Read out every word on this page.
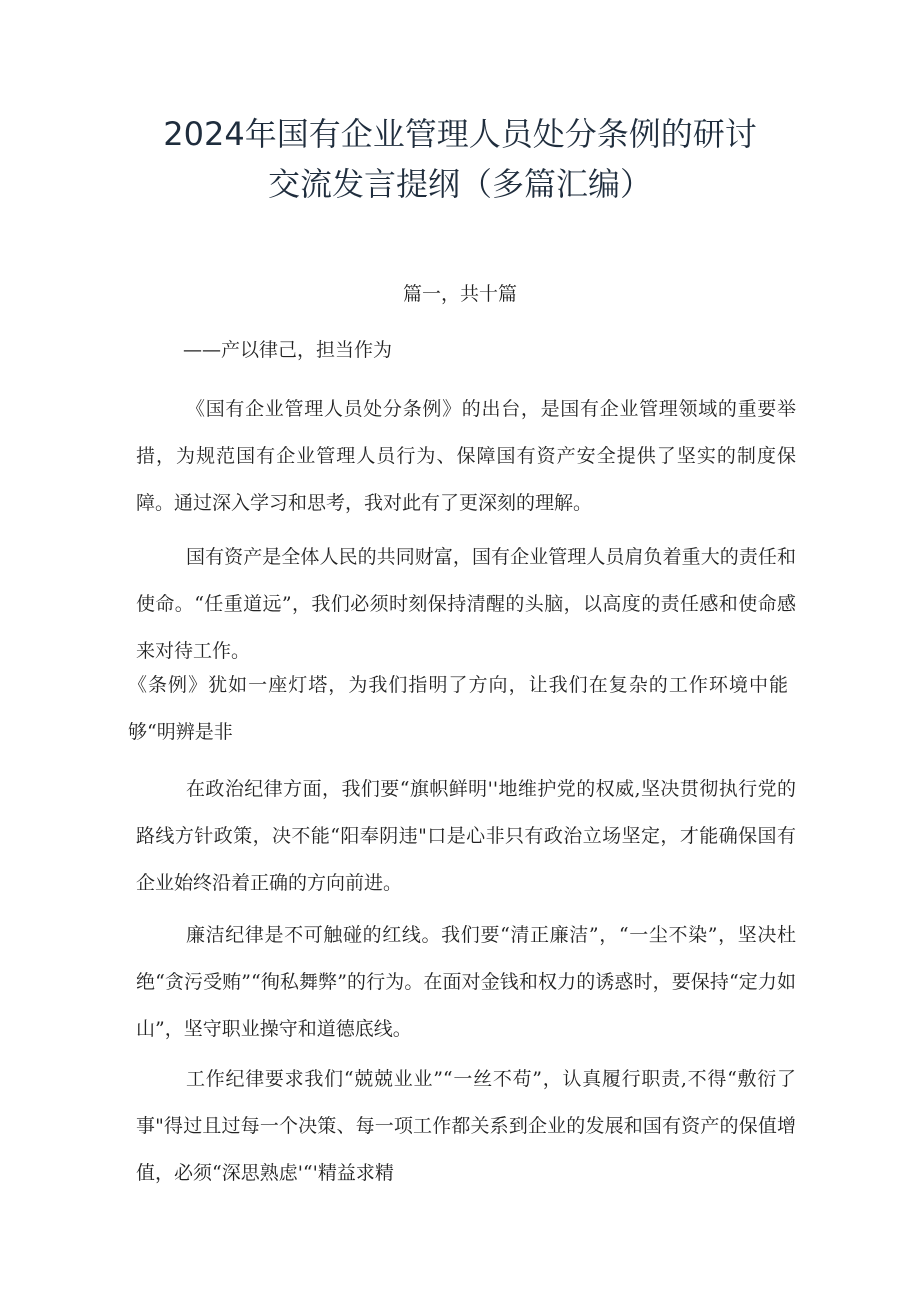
2024年国有企业管理人员处分条例的研讨
交流发言提纲（多篇汇编）
篇一，共十篇
——产以律己，担当作为

《国有企业管理人员处分条例》的出台，是国有企业管理领域的重要举措，为规范国有企业管理人员行为、保障国有资产安全提供了坚实的制度保障。通过深入学习和思考，我对此有了更深刻的理解。

国有资产是全体人民的共同财富，国有企业管理人员肩负着重大的责任和使命。“任重道远”，我们必须时刻保持清醒的头脑，以高度的责任感和使命感来对待工作。

《条例》犹如一座灯塔，为我们指明了方向，让我们在复杂的工作环境中能够“明辨是非

在政治纪律方面，我们要“旗帜鲜明''地维护党的权威,坚决贯彻执行党的路线方针政策，决不能“阳奉阴违"口是心非只有政治立场坚定，才能确保国有企业始终沿着正确的方向前进。

廉洁纪律是不可触碰的红线。我们要“清正廉洁”，“一尘不染”，坚决杜绝“贪污受贿”“徇私舞弊”的行为。在面对金钱和权力的诱惑时，要保持“定力如山”，坚守职业操守和道德底线。

工作纪律要求我们“兢兢业业”“一丝不苟”，认真履行职责,不得“敷衍了事"得过且过每一个决策、每一项工作都关系到企业的发展和国有资产的保值增值，必须“深思熟虑'“'精益求精
